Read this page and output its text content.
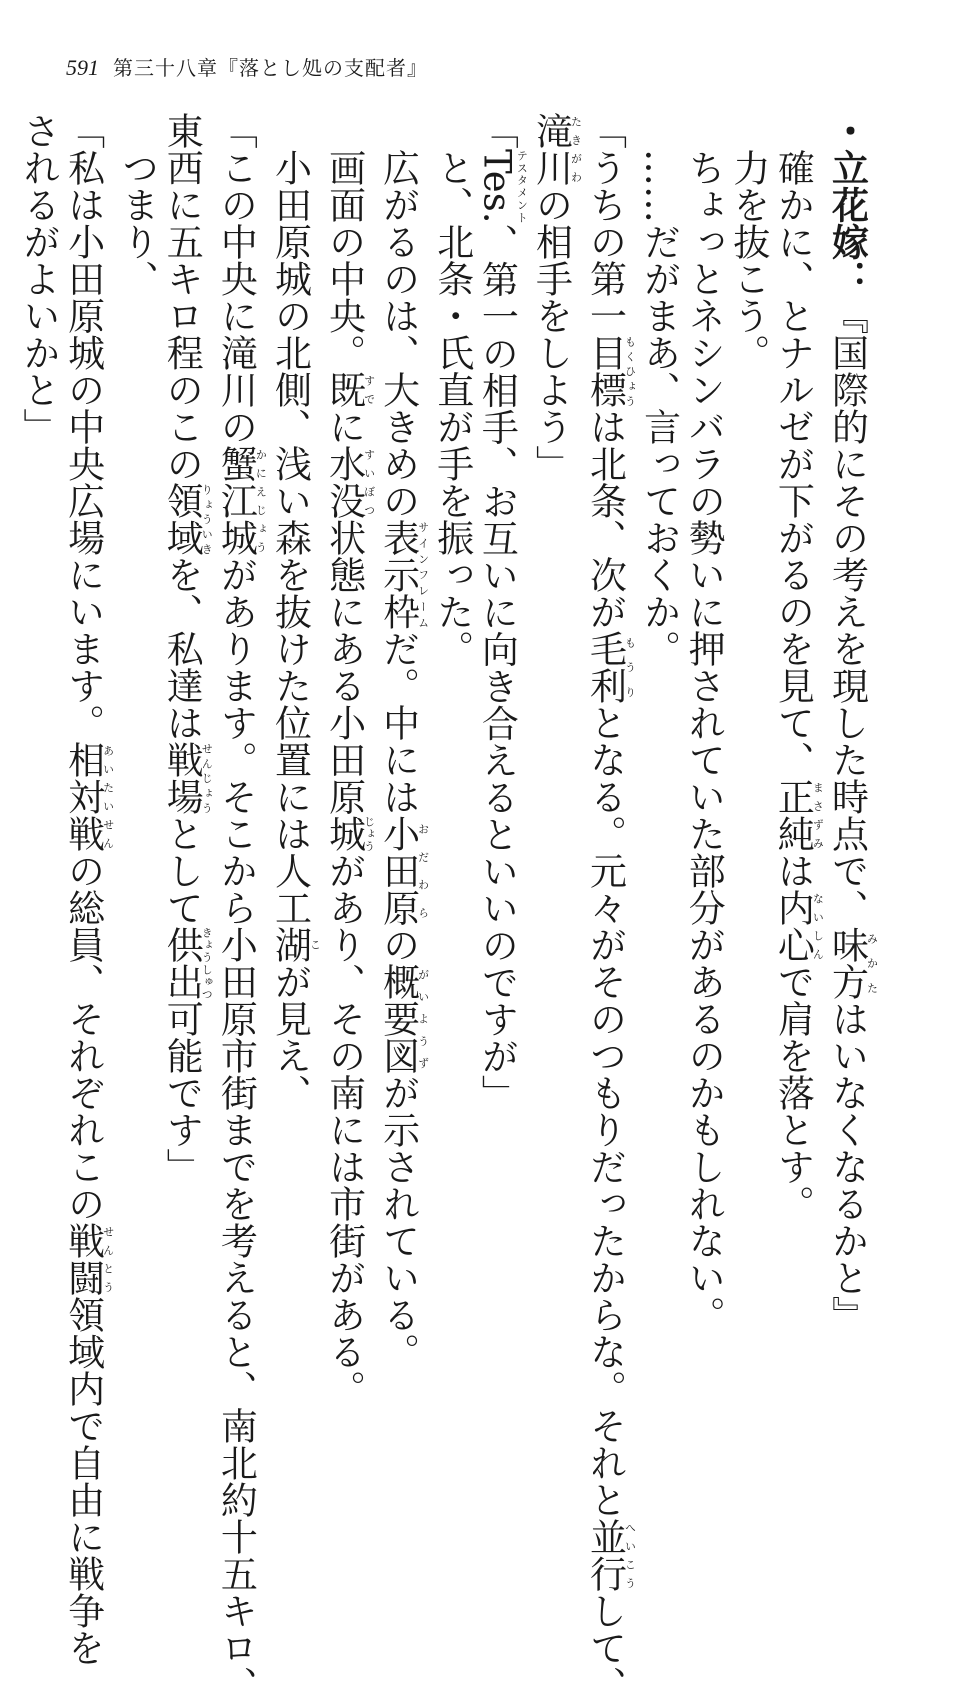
591 第三十八章『落とし処の支配者』
・立花嫁：『国際的にその考えを現した時点で、味方みかたはいなくなるかと』
　確かに、とナルゼが下がるのを見て、正純まさずみは内心ないしんで肩を落とす。
　力を抜こう。
　ちょっとネシンバラの勢いに押されていた部分があるのかもしれない。
　……だがまあ、言っておくか。
「うちの第一目標もくひょうは北条、次が毛利もうりとなる。元々がそのつもりだったからな。それと並行へいこうして、
滝川たきがわの相手をしよう」
「Tes.テスタメント、第一の相手、お互いに向き合えるといいのですが」
　と、北条・氏直が手を振った。
　広がるのは、大きめの表示枠サインフレームだ。中には小田原おだわらの概要図がいようずが示されている。
　画面の中央。既すでに水没すいぼつ状態にある小田原城じょうがあり、その南には市街がある。
　小田原城の北側、浅い森を抜けた位置には人工湖こが見え、
「この中央に滝川の蟹江城かにえじょうがあります。そこから小田原市街までを考えると、南北約十五キロ、
東西に五キロ程のこの領域りょういきを、私達は戦場せんじょうとして供出きょうしゅつ可能です」
　つまり、
「私は小田原城の中央広場にいます。相対戦あいたいせんの総員、それぞれこの戦闘せんとう領域内で自由に戦争を
されるがよいかと」
